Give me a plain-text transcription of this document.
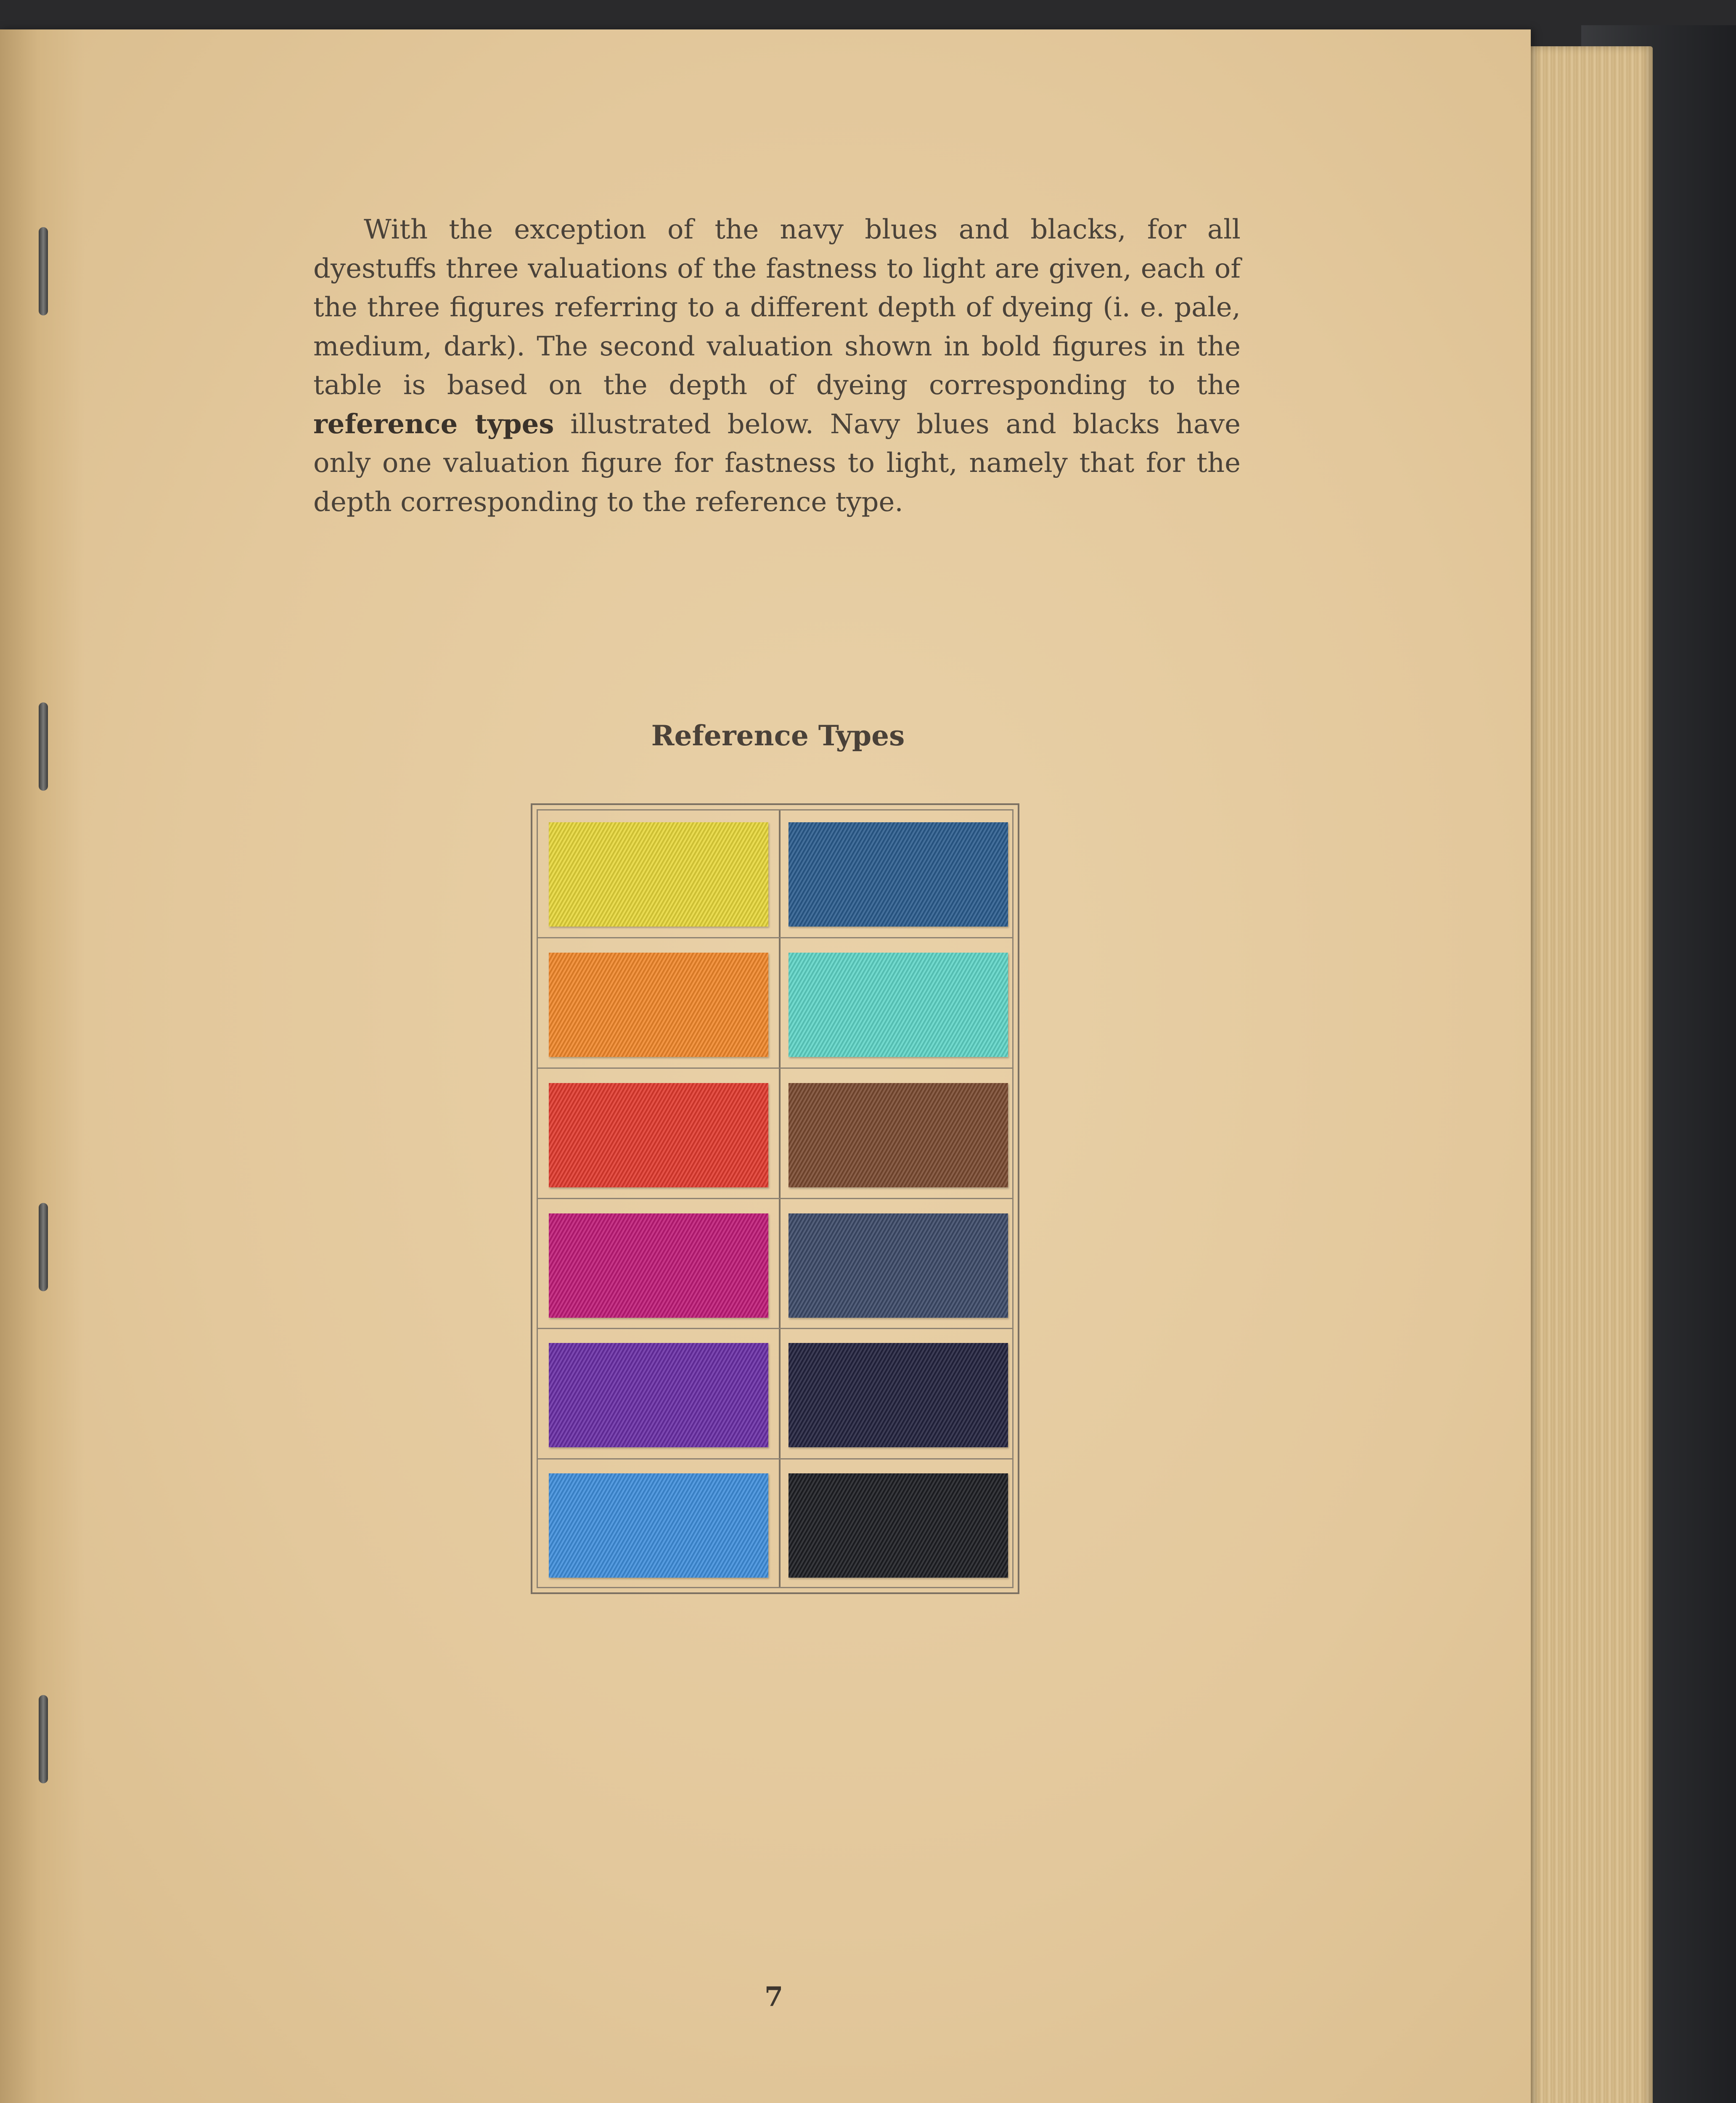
With the exception of the navy blues and blacks, for all dyestuffs three valuations of the fastness to light are given, each of the three figures referring to a different depth of dyeing (i. e. pale, medium, dark). The second valuation shown in bold figures in the table is based on the depth of dyeing corresponding to the reference types illustrated below. Navy blues and blacks have only one valuation figure for fastness to light, namely that for the depth corresponding to the reference type.

Reference Types

7
